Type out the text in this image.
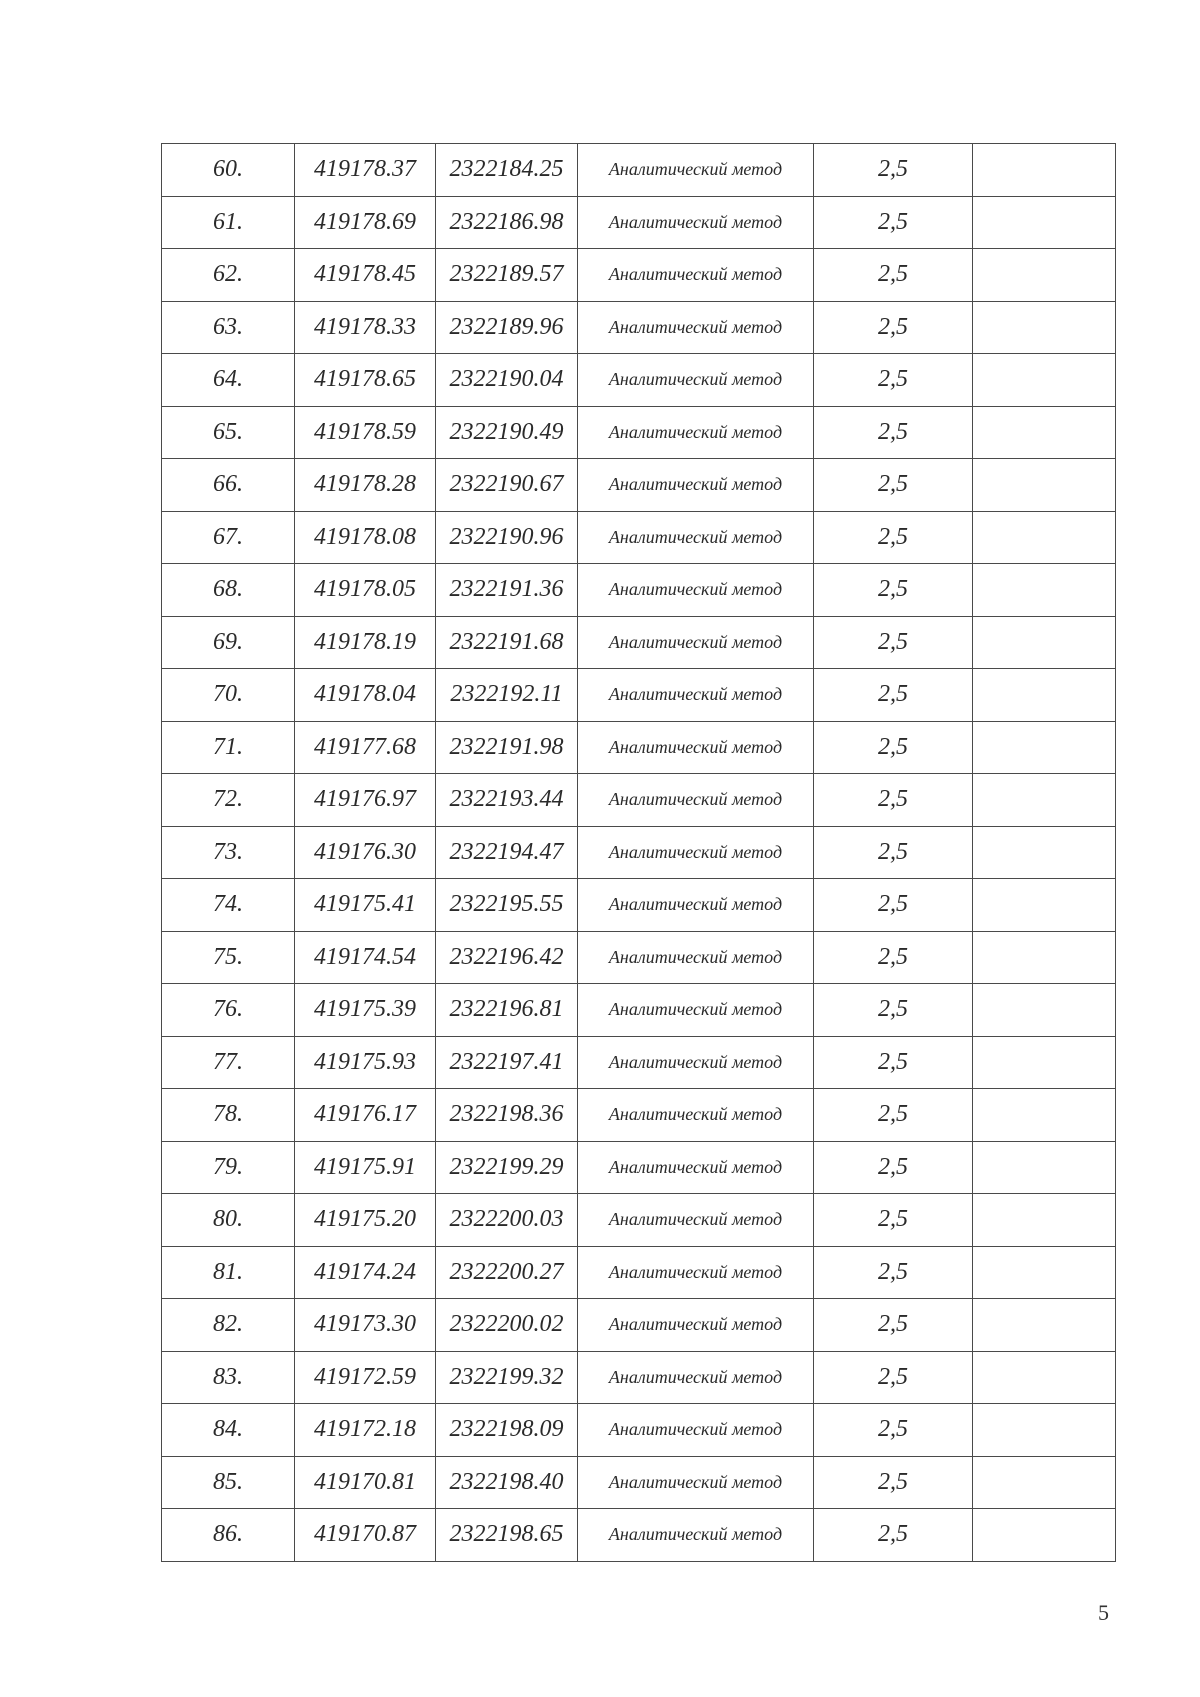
60.	419178.37	2322184.25	Аналитический метод	2,5	
61.	419178.69	2322186.98	Аналитический метод	2,5	
62.	419178.45	2322189.57	Аналитический метод	2,5	
63.	419178.33	2322189.96	Аналитический метод	2,5	
64.	419178.65	2322190.04	Аналитический метод	2,5	
65.	419178.59	2322190.49	Аналитический метод	2,5	
66.	419178.28	2322190.67	Аналитический метод	2,5	
67.	419178.08	2322190.96	Аналитический метод	2,5	
68.	419178.05	2322191.36	Аналитический метод	2,5	
69.	419178.19	2322191.68	Аналитический метод	2,5	
70.	419178.04	2322192.11	Аналитический метод	2,5	
71.	419177.68	2322191.98	Аналитический метод	2,5	
72.	419176.97	2322193.44	Аналитический метод	2,5	
73.	419176.30	2322194.47	Аналитический метод	2,5	
74.	419175.41	2322195.55	Аналитический метод	2,5	
75.	419174.54	2322196.42	Аналитический метод	2,5	
76.	419175.39	2322196.81	Аналитический метод	2,5	
77.	419175.93	2322197.41	Аналитический метод	2,5	
78.	419176.17	2322198.36	Аналитический метод	2,5	
79.	419175.91	2322199.29	Аналитический метод	2,5	
80.	419175.20	2322200.03	Аналитический метод	2,5	
81.	419174.24	2322200.27	Аналитический метод	2,5	
82.	419173.30	2322200.02	Аналитический метод	2,5	
83.	419172.59	2322199.32	Аналитический метод	2,5	
84.	419172.18	2322198.09	Аналитический метод	2,5	
85.	419170.81	2322198.40	Аналитический метод	2,5	
86.	419170.87	2322198.65	Аналитический метод	2,5	
5
